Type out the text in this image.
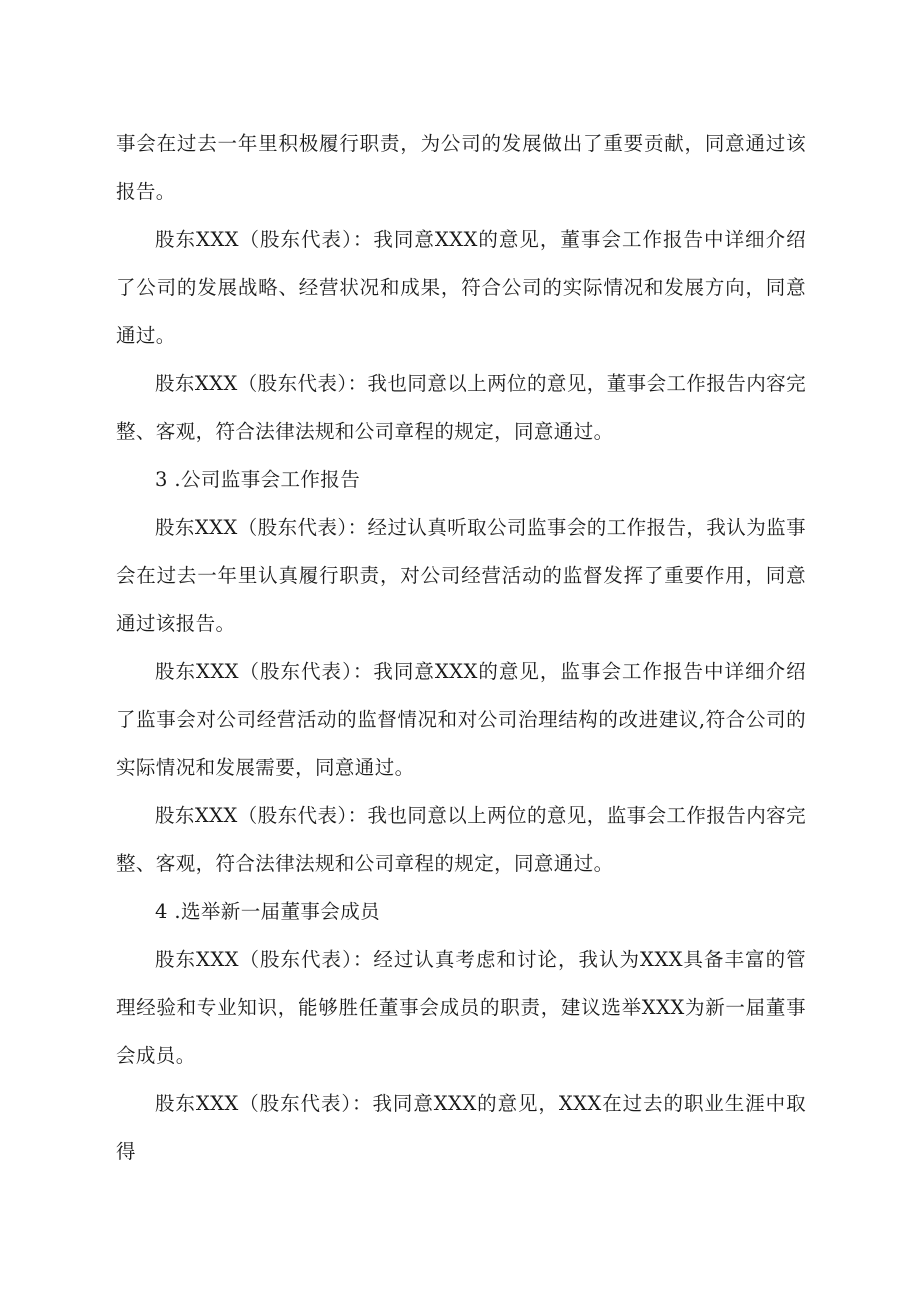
事会在过去一年里积极履行职责，为公司的发展做出了重要贡献，同意通过该报告。

股东XXX（股东代表）：我同意XXX的意见，董事会工作报告中详细介绍了公司的发展战略、经营状况和成果，符合公司的实际情况和发展方向，同意通过。

股东XXX（股东代表）：我也同意以上两位的意见，董事会工作报告内容完整、客观，符合法律法规和公司章程的规定，同意通过。

3 .公司监事会工作报告

股东XXX（股东代表）：经过认真听取公司监事会的工作报告，我认为监事会在过去一年里认真履行职责，对公司经营活动的监督发挥了重要作用，同意通过该报告。

股东XXX（股东代表）：我同意XXX的意见，监事会工作报告中详细介绍了监事会对公司经营活动的监督情况和对公司治理结构的改进建议,符合公司的实际情况和发展需要，同意通过。

股东XXX（股东代表）：我也同意以上两位的意见，监事会工作报告内容完整、客观，符合法律法规和公司章程的规定，同意通过。

4 .选举新一届董事会成员

股东XXX（股东代表）：经过认真考虑和讨论，我认为XXX具备丰富的管理经验和专业知识，能够胜任董事会成员的职责，建议选举XXX为新一届董事会成员。

股东XXX（股东代表）：我同意XXX的意见，XXX在过去的职业生涯中取得
